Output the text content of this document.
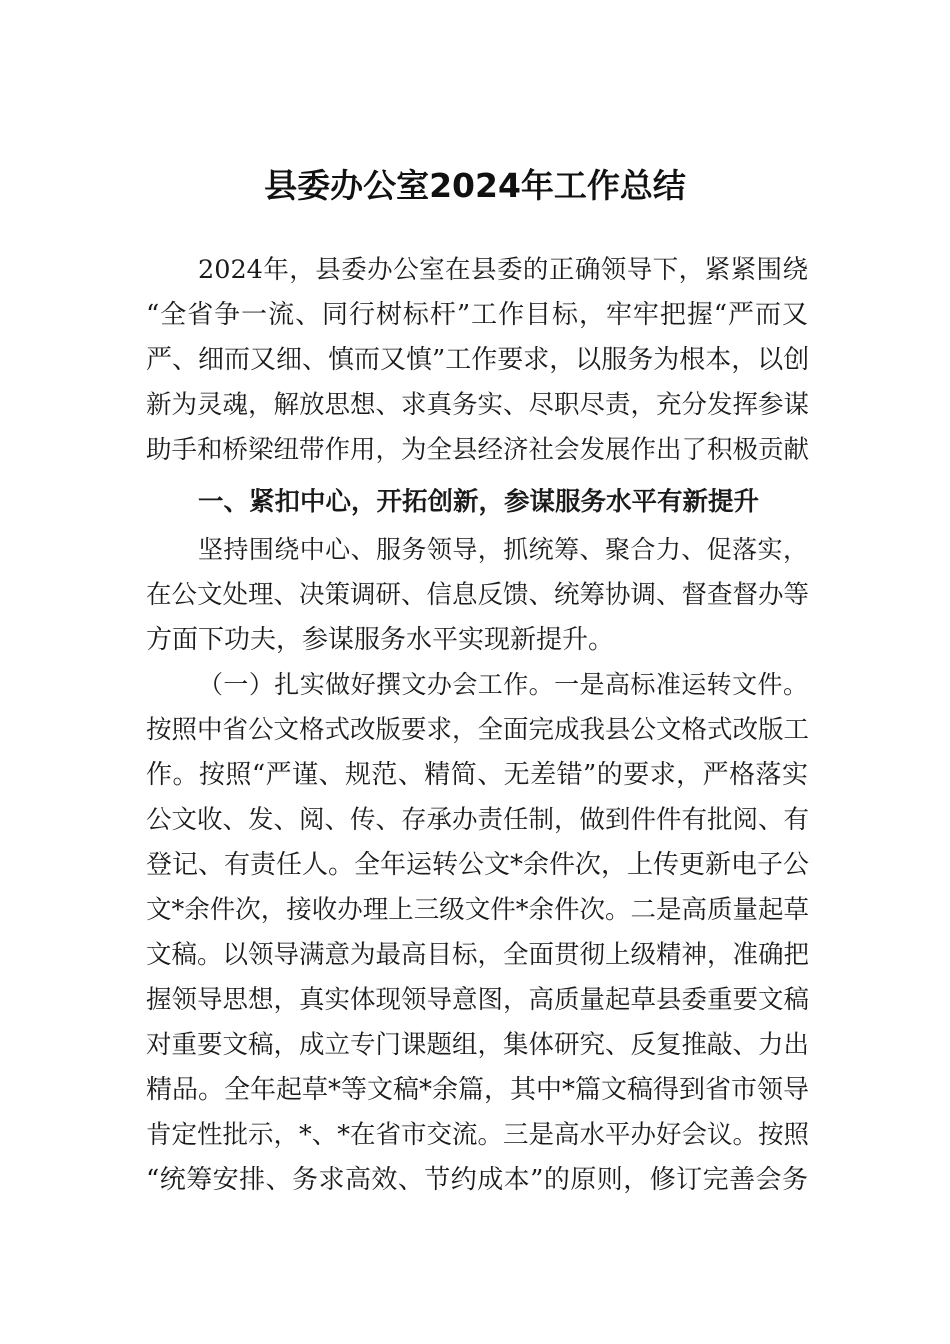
县委办公室2024年工作总结
2024年，县委办公室在县委的正确领导下，紧紧围绕
“全省争一流、同行树标杆”工作目标，牢牢把握“严而又
严、细而又细、慎而又慎”工作要求，以服务为根本，以创
新为灵魂，解放思想、求真务实、尽职尽责，充分发挥参谋
助手和桥梁纽带作用，为全县经济社会发展作出了积极贡献
一、紧扣中心，开拓创新，参谋服务水平有新提升
坚持围绕中心、服务领导，抓统筹、聚合力、促落实，
在公文处理、决策调研、信息反馈、统筹协调、督查督办等
方面下功夫，参谋服务水平实现新提升。
（一）扎实做好撰文办会工作。一是高标准运转文件。
按照中省公文格式改版要求，全面完成我县公文格式改版工
作。按照“严谨、规范、精简、无差错”的要求，严格落实
公文收、发、阅、传、存承办责任制，做到件件有批阅、有
登记、有责任人。全年运转公文*余件次，上传更新电子公
文*余件次，接收办理上三级文件*余件次。二是高质量起草
文稿。以领导满意为最高目标，全面贯彻上级精神，准确把
握领导思想，真实体现领导意图，高质量起草县委重要文稿
对重要文稿，成立专门课题组，集体研究、反复推敲、力出
精品。全年起草*等文稿*余篇，其中*篇文稿得到省市领导
肯定性批示，*、*在省市交流。三是高水平办好会议。按照
“统筹安排、务求高效、节约成本”的原则，修订完善会务
